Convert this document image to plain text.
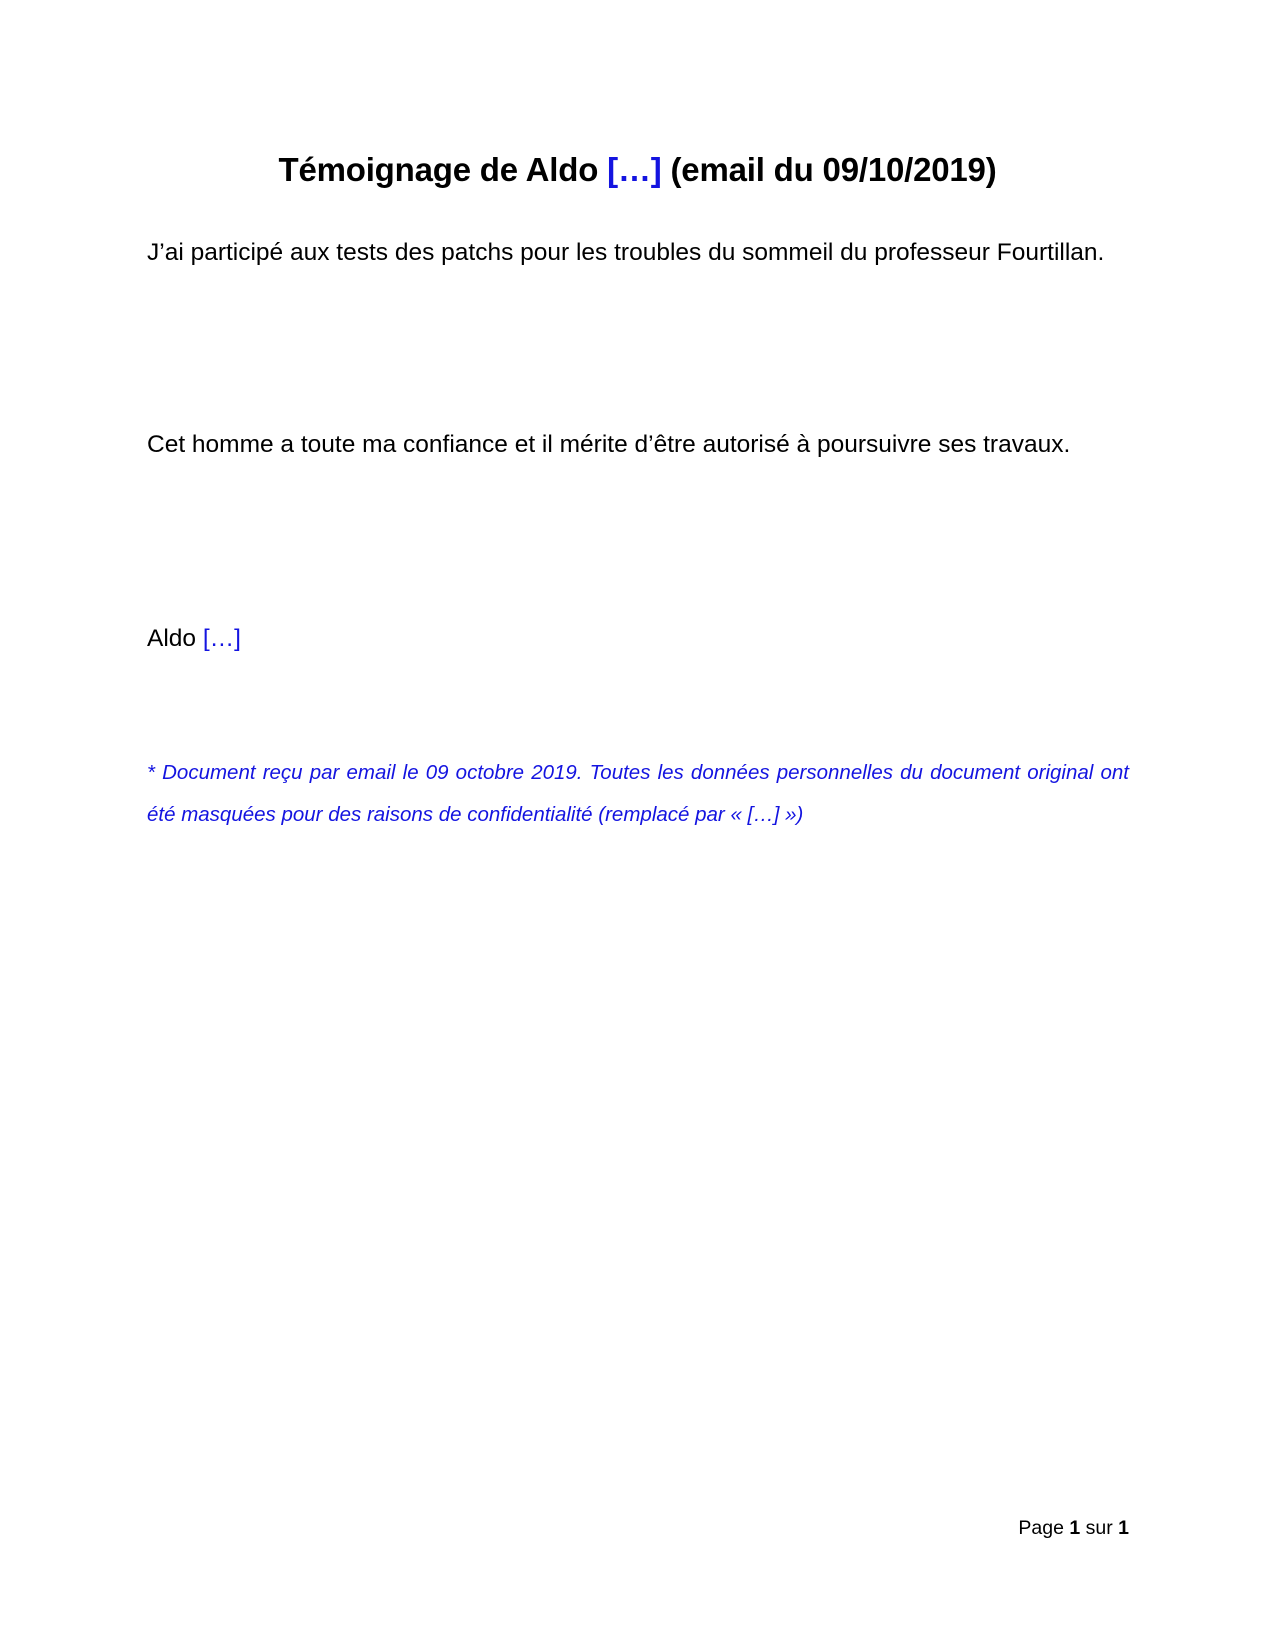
Témoignage de Aldo […] (email du 09/10/2019)

J’ai participé aux tests des patchs pour les troubles du sommeil du professeur Fourtillan.

Cet homme a toute ma confiance et il mérite d’être autorisé à poursuivre ses travaux.

Aldo […]

* Document reçu par email le 09 octobre 2019. Toutes les données personnelles du document original ont été masquées pour des raisons de confidentialité (remplacé par « […] »)

Page 1 sur 1
